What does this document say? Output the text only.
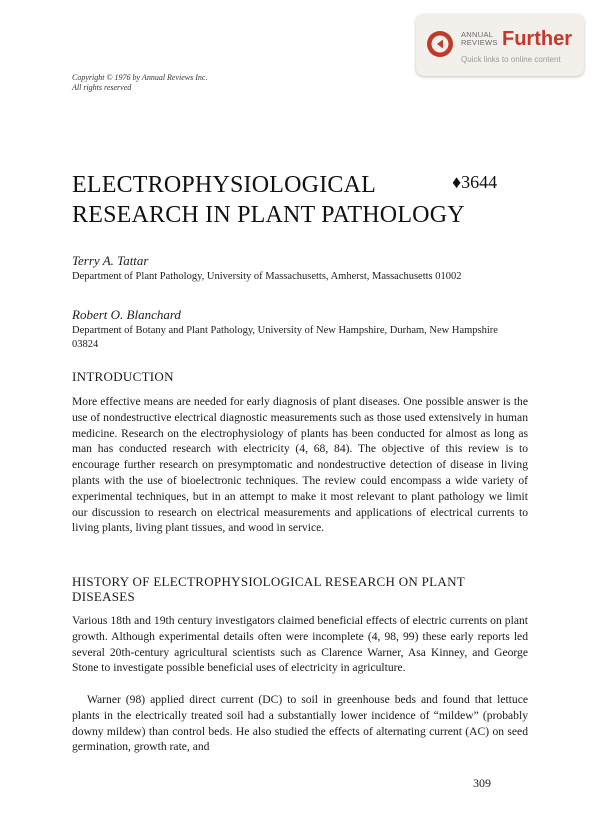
ANNUAL
REVIEWS Further
Quick links to online content
Copyright © 1976 by Annual Reviews Inc.
All rights reserved
ELECTROPHYSIOLOGICAL
RESEARCH IN PLANT PATHOLOGY
♦3644
Terry A. Tattar
Department of Plant Pathology, University of Massachusetts, Amherst, Massachusetts 01002
Robert O. Blanchard
Department of Botany and Plant Pathology, University of New Hampshire, Durham, New Hampshire 03824
INTRODUCTION

More effective means are needed for early diagnosis of plant diseases. One possible answer is the use of nondestructive electrical diagnostic measurements such as those used extensively in human medicine. Research on the electrophysiology of plants has been conducted for almost as long as man has conducted research with electricity (4, 68, 84). The objective of this review is to encourage further research on presymptomatic and nondestructive detection of disease in living plants with the use of bioelectronic techniques. The review could encompass a wide variety of experimental techniques, but in an attempt to make it most relevant to plant pathology we limit our discussion to research on electrical measurements and applications of electrical currents to living plants, living plant tissues, and wood in service.

HISTORY OF ELECTROPHYSIOLOGICAL RESEARCH ON PLANT DISEASES

Various 18th and 19th century investigators claimed beneficial effects of electric currents on plant growth. Although experimental details often were incomplete (4, 98, 99) these early reports led several 20th-century agricultural scientists such as Clarence Warner, Asa Kinney, and George Stone to investigate possible beneficial uses of electricity in agriculture.

Warner (98) applied direct current (DC) to soil in greenhouse beds and found that lettuce plants in the electrically treated soil had a substantially lower incidence of “mildew” (probably downy mildew) than control beds. He also studied the effects of alternating current (AC) on seed germination, growth rate, and

309
